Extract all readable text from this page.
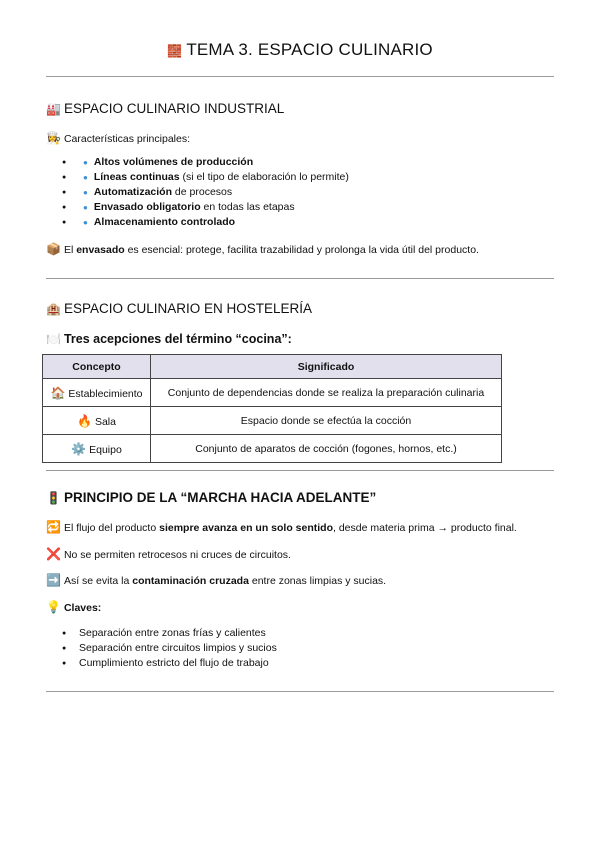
🧱 TEMA 3. ESPACIO CULINARIO
🏭 ESPACIO CULINARIO INDUSTRIAL
👩‍🍳 Características principales:
● ● Altos volúmenes de producción
● ● Líneas continuas (si el tipo de elaboración lo permite)
● ● Automatización de procesos
● ● Envasado obligatorio en todas las etapas
● ● Almacenamiento controlado
📦 El envasado es esencial: protege, facilita trazabilidad y prolonga la vida útil del producto.
🏨 ESPACIO CULINARIO EN HOSTELERÍA
🍽️ Tres acepciones del término “cocina”:
Concepto	Significado
🏠 Establecimiento	Conjunto de dependencias donde se realiza la preparación culinaria
🔥 Sala	Espacio donde se efectúa la cocción
⚙️ Equipo	Conjunto de aparatos de cocción (fogones, hornos, etc.)
🚦 PRINCIPIO DE LA “MARCHA HACIA ADELANTE”
🔁 El flujo del producto siempre avanza en un solo sentido, desde materia prima → producto final.
❌ No se permiten retrocesos ni cruces de circuitos.
➡️ Así se evita la contaminación cruzada entre zonas limpias y sucias.
💡 Claves:
● Separación entre zonas frías y calientes
● Separación entre circuitos limpios y sucios
● Cumplimiento estricto del flujo de trabajo
